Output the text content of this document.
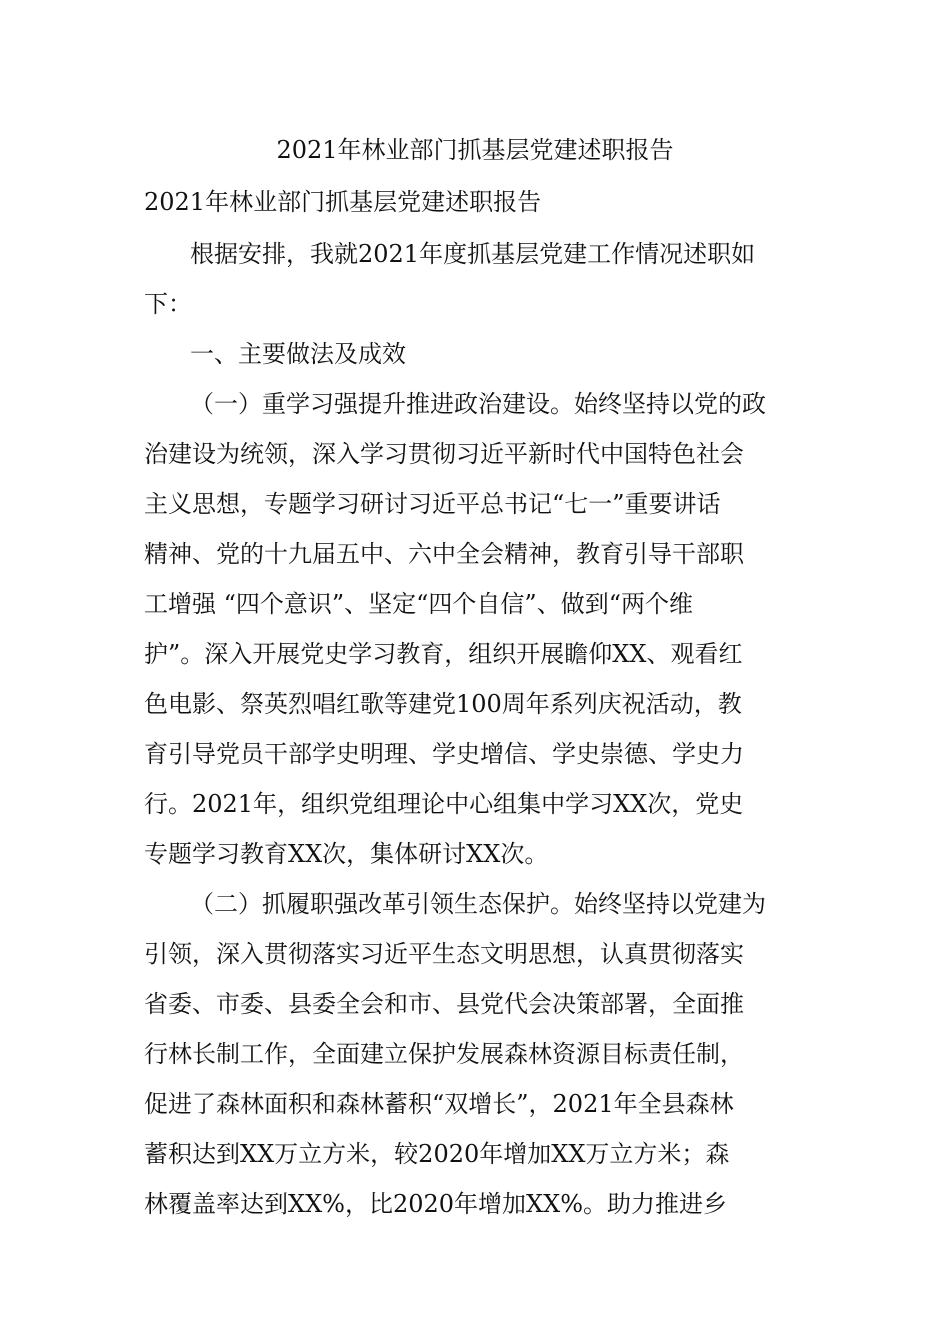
2021年林业部门抓基层党建述职报告
2021年林业部门抓基层党建述职报告
根据安排，我就2021年度抓基层党建工作情况述职如
下：
一、主要做法及成效
（一）重学习强提升推进政治建设。始终坚持以党的政
治建设为统领，深入学习贯彻习近平新时代中国特色社会
主义思想，专题学习研讨习近平总书记“七一”重要讲话
精神、党的十九届五中、六中全会精神，教育引导干部职
工增强 “四个意识”、坚定“四个自信”、做到“两个维
护”。深入开展党史学习教育，组织开展瞻仰XX、观看红
色电影、祭英烈唱红歌等建党100周年系列庆祝活动，教
育引导党员干部学史明理、学史增信、学史崇德、学史力
行。2021年，组织党组理论中心组集中学习XX次，党史
专题学习教育XX次，集体研讨XX次。
（二）抓履职强改革引领生态保护。始终坚持以党建为
引领，深入贯彻落实习近平生态文明思想，认真贯彻落实
省委、市委、县委全会和市、县党代会决策部署，全面推
行林长制工作，全面建立保护发展森林资源目标责任制，
促进了森林面积和森林蓄积“双增长”，2021年全县森林
蓄积达到XX万立方米，较2020年增加XX万立方米；森
林覆盖率达到XX%，比2020年增加XX%。助力推进乡
